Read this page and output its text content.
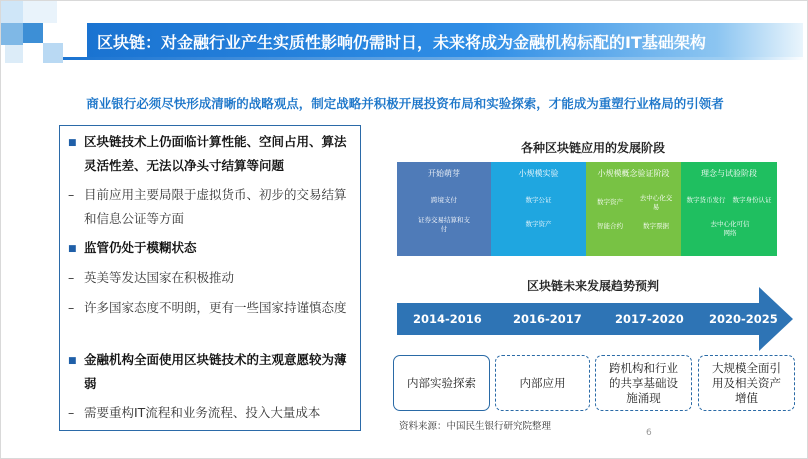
区块链：对金融行业产生实质性影响仍需时日，未来将成为金融机构标配的IT基础架构
商业银行必须尽快形成清晰的战略观点，制定战略并积极开展投资布局和实验探索，才能成为重塑行业格局的引领者
■ 区块链技术上仍面临计算性能、空间占用、算法灵活性差、无法以净头寸结算等问题
– 目前应用主要局限于虚拟货币、初步的交易结算和信息公证等方面
■ 监管仍处于模糊状态
– 英美等发达国家在积极推动
– 许多国家态度不明朗，更有一些国家持谨慎态度
■ 金融机构全面使用区块链技术的主观意愿较为薄弱
– 需要重构IT流程和业务流程、投入大量成本
各种区块链应用的发展阶段
开始萌芽
跨境支付
证券交易结算和支付
小规模实验
数字公证
数字资产
小规模概念验证阶段
数字资产	去中心化交易
智能合约	数字票据
理念与试验阶段
数字货币发行 数字身份认证
去中心化可信网络
区块链未来发展趋势预判
2014-2016	2016-2017	2017-2020 2020-2025
内部实验探索	内部应用
跨机构和行业的共享基础设施涌现
大规模全面引用及相关资产增值
资料来源：中国民生银行研究院整理
6
